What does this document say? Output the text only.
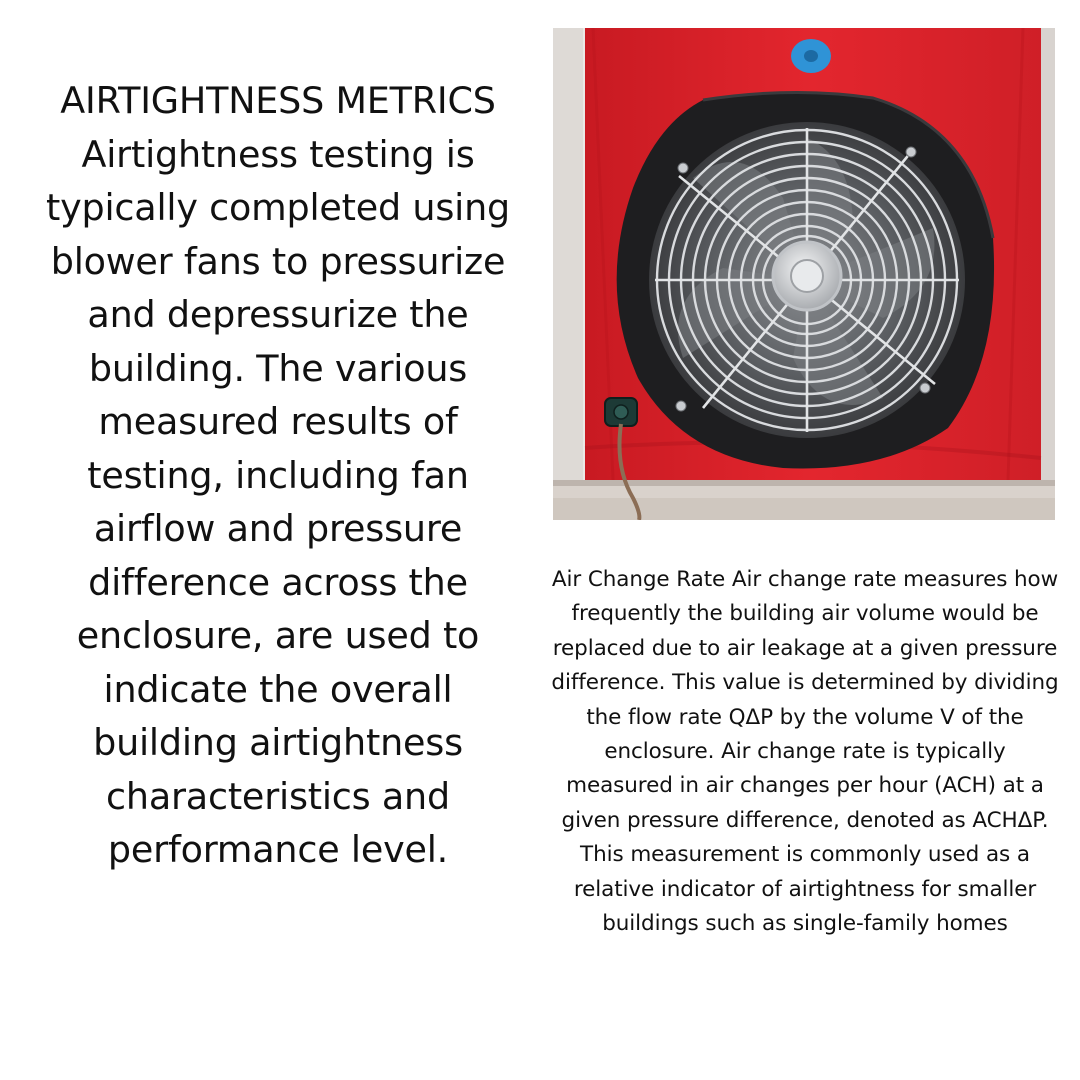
AIRTIGHTNESS METRICS Airtightness testing is typically completed using blower fans to pressurize and depressurize the building. The various measured results of testing, including fan airflow and pressure difference across the enclosure, are used to indicate the overall building airtightness characteristics and performance level.
Air Change Rate Air change rate measures how frequently the building air volume would be replaced due to air leakage at a given pressure difference. This value is determined by dividing the flow rate QΔP by the volume V of the enclosure. Air change rate is typically measured in air changes per hour (ACH) at a given pressure difference, denoted as ACHΔP. This measurement is commonly used as a relative indicator of airtightness for smaller buildings such as single-family homes
